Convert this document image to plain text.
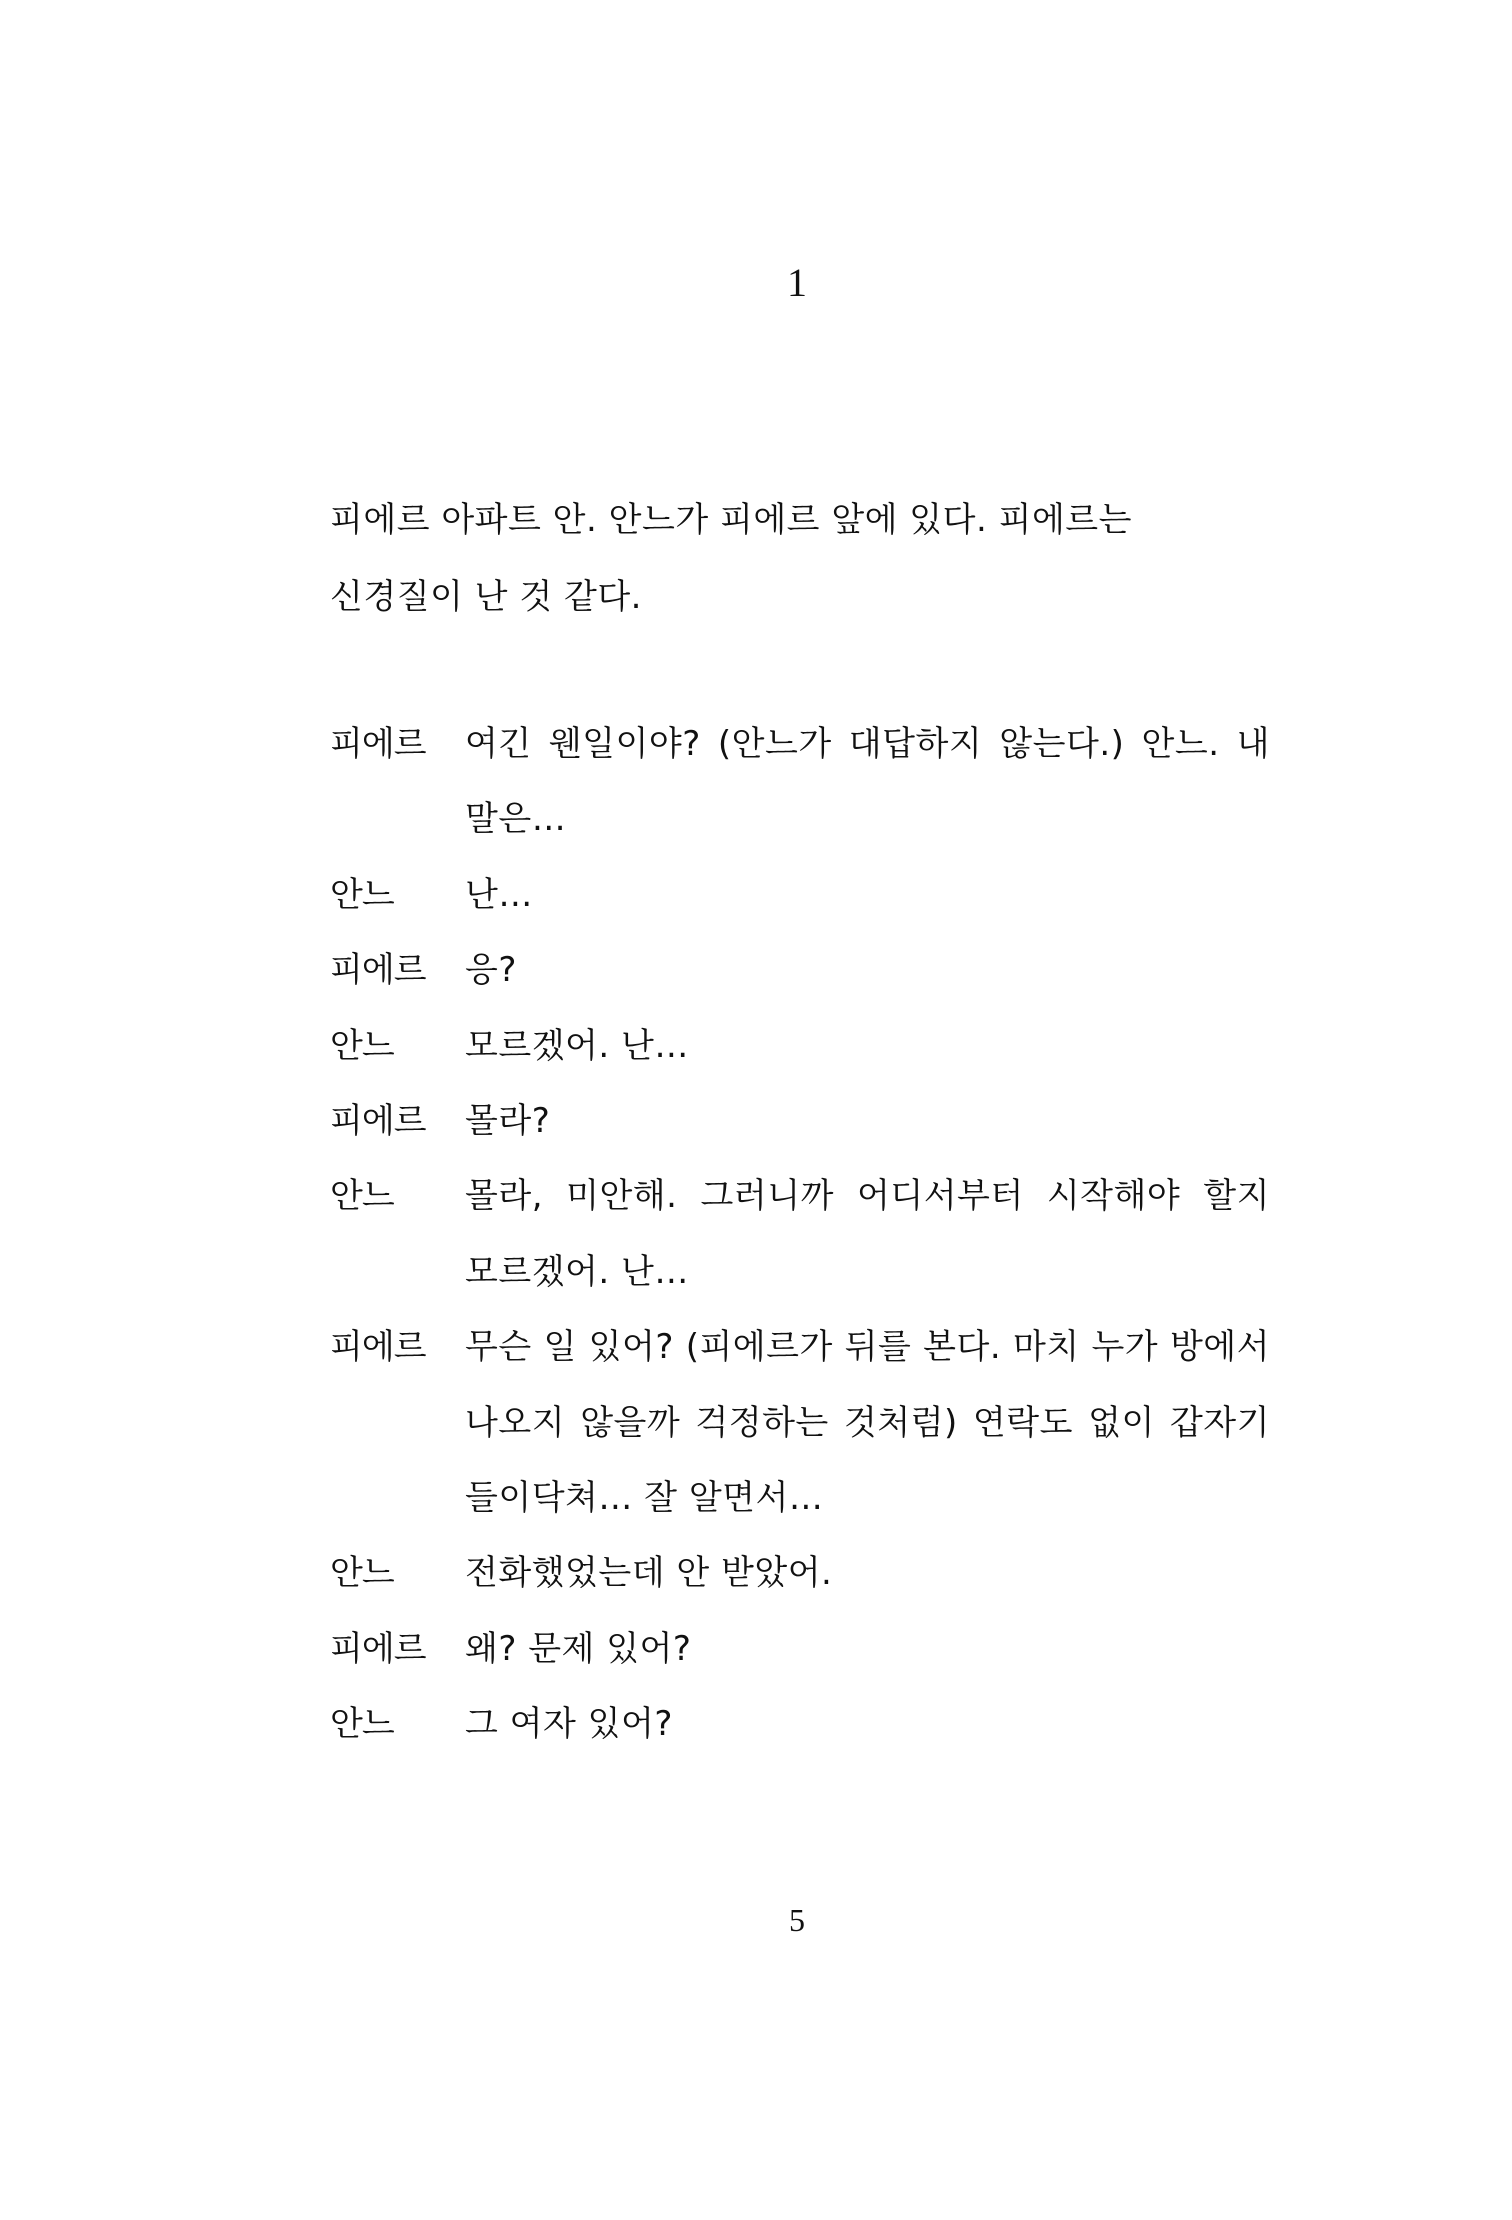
1
피에르 아파트 안. 안느가 피에르 앞에 있다. 피에르는 신경질이 난 것 같다.
피에르	여긴 웬일이야? (안느가 대답하지 않는다.) 안느. 내 말은…
안느	난…
피에르	응?
안느	모르겠어. 난…
피에르	몰라?
안느	몰라, 미안해. 그러니까 어디서부터 시작해야 할지 모르겠어. 난…
피에르	무슨 일 있어? (피에르가 뒤를 본다. 마치 누가 방에서 나오지 않을까 걱정하는 것처럼) 연락도 없이 갑자기 들이닥쳐… 잘 알면서…
안느	전화했었는데 안 받았어.
피에르	왜? 문제 있어?
안느	그 여자 있어?
5
